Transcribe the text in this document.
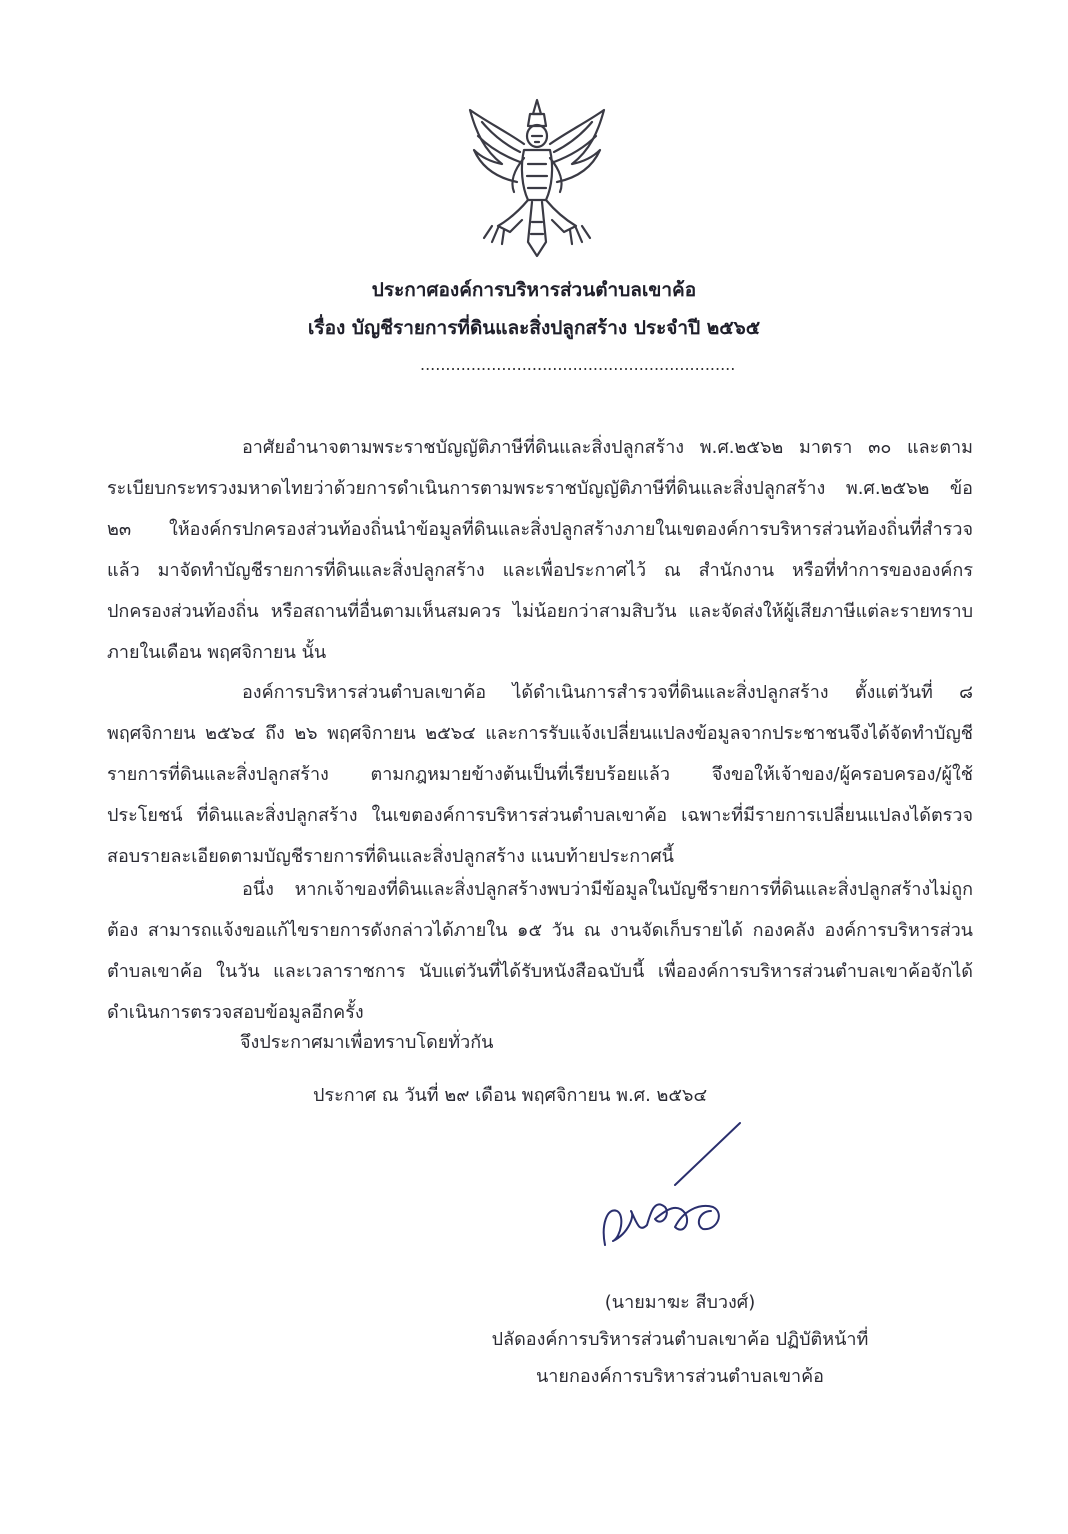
ประกาศองค์การบริหารส่วนตำบลเขาค้อ
เรื่อง บัญชีรายการที่ดินและสิ่งปลูกสร้าง ประจำปี ๒๕๖๕
..............................................................
อาศัยอำนาจตามพระราชบัญญัติภาษีที่ดินและสิ่งปลูกสร้าง พ.ศ.๒๕๖๒ มาตรา ๓๐ และตามระเบียบกระทรวงมหาดไทยว่าด้วยการดำเนินการตามพระราชบัญญัติภาษีที่ดินและสิ่งปลูกสร้าง พ.ศ.๒๕๖๒ ข้อ ๒๓ ให้องค์กรปกครองส่วนท้องถิ่นนำข้อมูลที่ดินและสิ่งปลูกสร้างภายในเขตองค์การบริหารส่วนท้องถิ่นที่สำรวจแล้ว มาจัดทำบัญชีรายการที่ดินและสิ่งปลูกสร้าง และเพื่อประกาศไว้ ณ สำนักงาน หรือที่ทำการขององค์กรปกครองส่วนท้องถิ่น หรือสถานที่อื่นตามเห็นสมควร ไม่น้อยกว่าสามสิบวัน และจัดส่งให้ผู้เสียภาษีแต่ละรายทราบภายในเดือน พฤศจิกายน นั้น
องค์การบริหารส่วนตำบลเขาค้อ ได้ดำเนินการสำรวจที่ดินและสิ่งปลูกสร้าง ตั้งแต่วันที่ ๘ พฤศจิกายน ๒๕๖๔ ถึง ๒๖ พฤศจิกายน ๒๕๖๔ และการรับแจ้งเปลี่ยนแปลงข้อมูลจากประชาชนจึงได้จัดทำบัญชีรายการที่ดินและสิ่งปลูกสร้าง ตามกฎหมายข้างต้นเป็นที่เรียบร้อยแล้ว จึงขอให้เจ้าของ/ผู้ครอบครอง/ผู้ใช้ประโยชน์ ที่ดินและสิ่งปลูกสร้าง ในเขตองค์การบริหารส่วนตำบลเขาค้อ เฉพาะที่มีรายการเปลี่ยนแปลงได้ตรวจสอบรายละเอียดตามบัญชีรายการที่ดินและสิ่งปลูกสร้าง แนบท้ายประกาศนี้
อนึ่ง หากเจ้าของที่ดินและสิ่งปลูกสร้างพบว่ามีข้อมูลในบัญชีรายการที่ดินและสิ่งปลูกสร้างไม่ถูกต้อง สามารถแจ้งขอแก้ไขรายการดังกล่าวได้ภายใน ๑๕ วัน ณ งานจัดเก็บรายได้ กองคลัง องค์การบริหารส่วนตำบลเขาค้อ ในวัน และเวลาราชการ นับแต่วันที่ได้รับหนังสือฉบับนี้ เพื่อองค์การบริหารส่วนตำบลเขาค้อจักได้ดำเนินการตรวจสอบข้อมูลอีกครั้ง
จึงประกาศมาเพื่อทราบโดยทั่วกัน
ประกาศ ณ วันที่ ๒๙ เดือน พฤศจิกายน พ.ศ. ๒๕๖๔
(นายมาฆะ สีบวงศ์)
ปลัดองค์การบริหารส่วนตำบลเขาค้อ ปฏิบัติหน้าที่
นายกองค์การบริหารส่วนตำบลเขาค้อ
